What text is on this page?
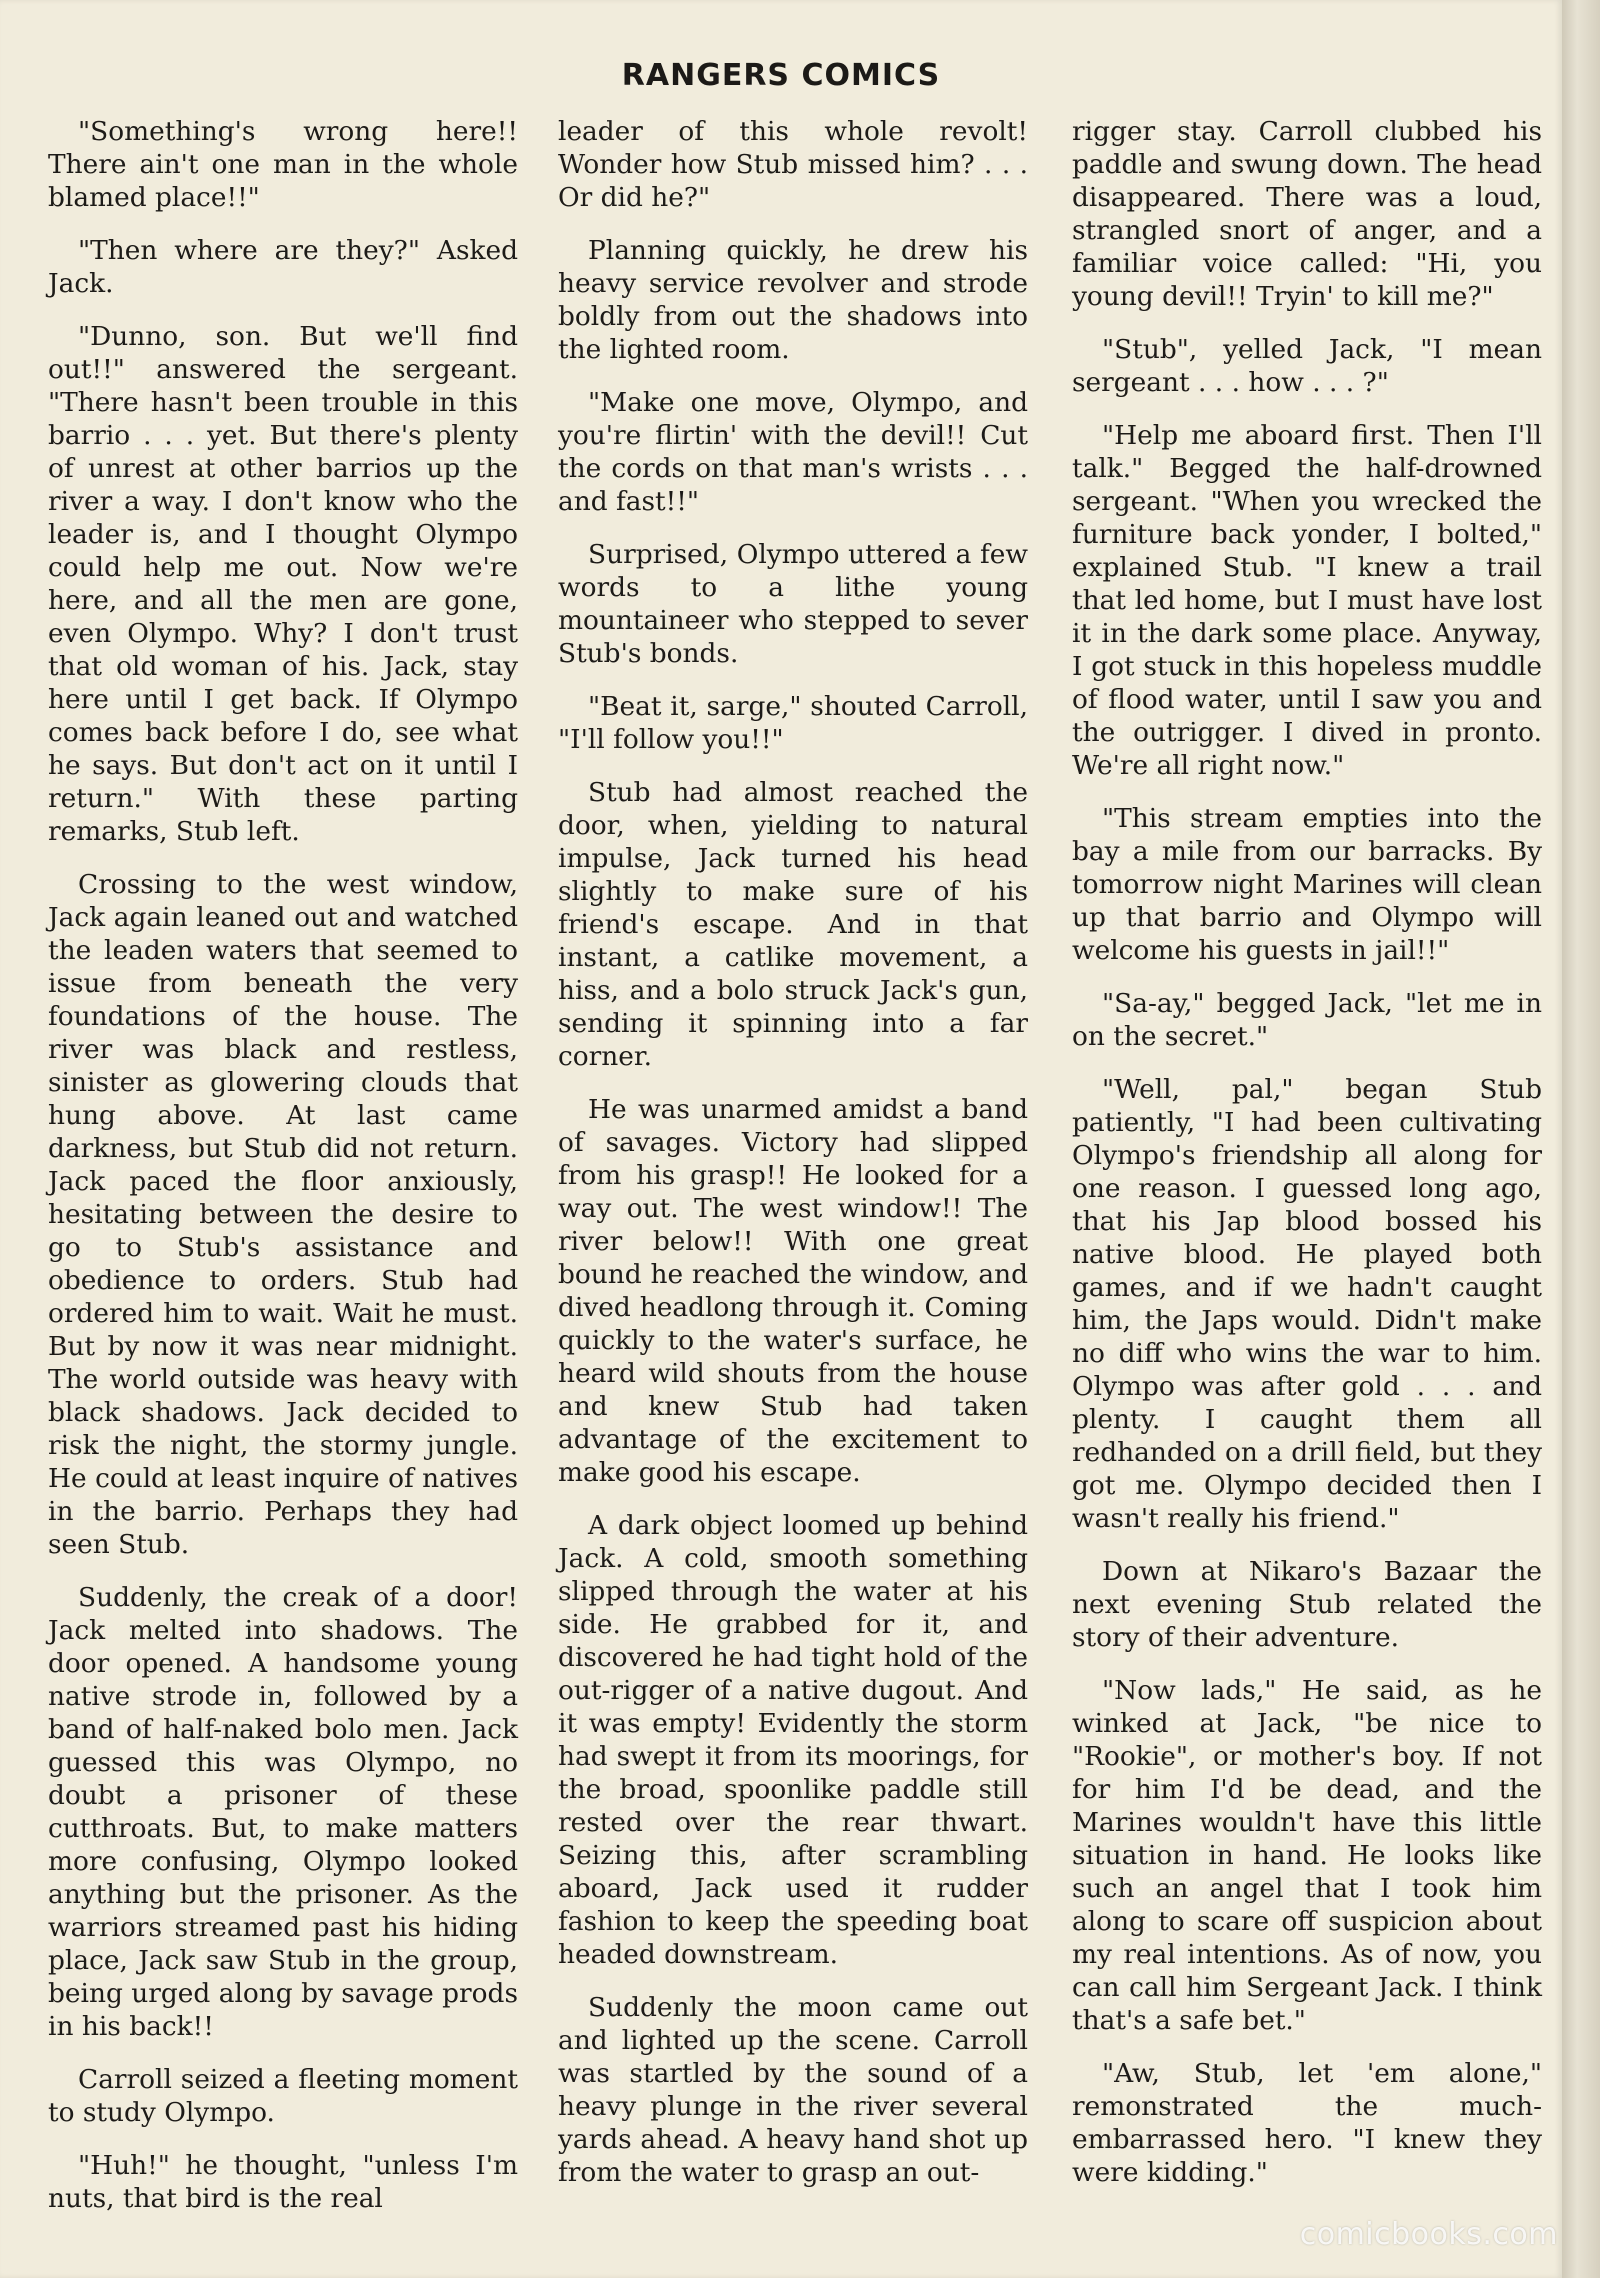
RANGERS COMICS

"Something's wrong here!! There ain't one man in the whole blamed place!!"

"Then where are they?" Asked Jack.

"Dunno, son. But we'll find out!!" answered the sergeant. "There hasn't been trouble in this barrio . . . yet. But there's plenty of unrest at other barrios up the river a way. I don't know who the leader is, and I thought Olympo could help me out. Now we're here, and all the men are gone, even Olympo. Why? I don't trust that old woman of his. Jack, stay here until I get back. If Olympo comes back before I do, see what he says. But don't act on it until I return." With these parting remarks, Stub left.

Crossing to the west window, Jack again leaned out and watched the leaden waters that seemed to issue from beneath the very foundations of the house. The river was black and restless, sinister as glowering clouds that hung above. At last came darkness, but Stub did not return. Jack paced the floor anxiously, hesitating between the desire to go to Stub's assistance and obedience to orders. Stub had ordered him to wait. Wait he must. But by now it was near midnight. The world outside was heavy with black shadows. Jack decided to risk the night, the stormy jungle. He could at least inquire of natives in the barrio. Perhaps they had seen Stub.

Suddenly, the creak of a door! Jack melted into shadows. The door opened. A handsome young native strode in, followed by a band of half-naked bolo men. Jack guessed this was Olympo, no doubt a prisoner of these cutthroats. But, to make matters more confusing, Olympo looked anything but the prisoner. As the warriors streamed past his hiding place, Jack saw Stub in the group, being urged along by savage prods in his back!!

Carroll seized a fleeting moment to study Olympo.

"Huh!" he thought, "unless I'm nuts, that bird is the real

leader of this whole revolt! Wonder how Stub missed him? . . . Or did he?"

Planning quickly, he drew his heavy service revolver and strode boldly from out the shadows into the lighted room.

"Make one move, Olympo, and you're flirtin' with the devil!! Cut the cords on that man's wrists . . . and fast!!"

Surprised, Olympo uttered a few words to a lithe young mountaineer who stepped to sever Stub's bonds.

"Beat it, sarge," shouted Carroll, "I'll follow you!!"

Stub had almost reached the door, when, yielding to natural impulse, Jack turned his head slightly to make sure of his friend's escape. And in that instant, a catlike movement, a hiss, and a bolo struck Jack's gun, sending it spinning into a far corner.

He was unarmed amidst a band of savages. Victory had slipped from his grasp!! He looked for a way out. The west window!! The river below!! With one great bound he reached the window, and dived headlong through it. Coming quickly to the water's surface, he heard wild shouts from the house and knew Stub had taken advantage of the excitement to make good his escape.

A dark object loomed up behind Jack. A cold, smooth something slipped through the water at his side. He grabbed for it, and discovered he had tight hold of the out-rigger of a native dugout. And it was empty! Evidently the storm had swept it from its moorings, for the broad, spoonlike paddle still rested over the rear thwart. Seizing this, after scrambling aboard, Jack used it rudder fashion to keep the speeding boat headed downstream.

Suddenly the moon came out and lighted up the scene. Carroll was startled by the sound of a heavy plunge in the river several yards ahead. A heavy hand shot up from the water to grasp an out-

rigger stay. Carroll clubbed his paddle and swung down. The head disappeared. There was a loud, strangled snort of anger, and a familiar voice called: "Hi, you young devil!! Tryin' to kill me?"

"Stub", yelled Jack, "I mean sergeant . . . how . . . ?"

"Help me aboard first. Then I'll talk." Begged the half-drowned sergeant. "When you wrecked the furniture back yonder, I bolted," explained Stub. "I knew a trail that led home, but I must have lost it in the dark some place. Anyway, I got stuck in this hopeless muddle of flood water, until I saw you and the outrigger. I dived in pronto. We're all right now."

"This stream empties into the bay a mile from our barracks. By tomorrow night Marines will clean up that barrio and Olympo will welcome his guests in jail!!"

"Sa-ay," begged Jack, "let me in on the secret."

"Well, pal," began Stub patiently, "I had been cultivating Olympo's friendship all along for one reason. I guessed long ago, that his Jap blood bossed his native blood. He played both games, and if we hadn't caught him, the Japs would. Didn't make no diff who wins the war to him. Olympo was after gold . . . and plenty. I caught them all redhanded on a drill field, but they got me. Olympo decided then I wasn't really his friend."

Down at Nikaro's Bazaar the next evening Stub related the story of their adventure.

"Now lads," He said, as he winked at Jack, "be nice to "Rookie", or mother's boy. If not for him I'd be dead, and the Marines wouldn't have this little situation in hand. He looks like such an angel that I took him along to scare off suspicion about my real intentions. As of now, you can call him Sergeant Jack. I think that's a safe bet."

"Aw, Stub, let 'em alone," remonstrated the much-embarrassed hero. "I knew they were kidding."

comicbooks.com
